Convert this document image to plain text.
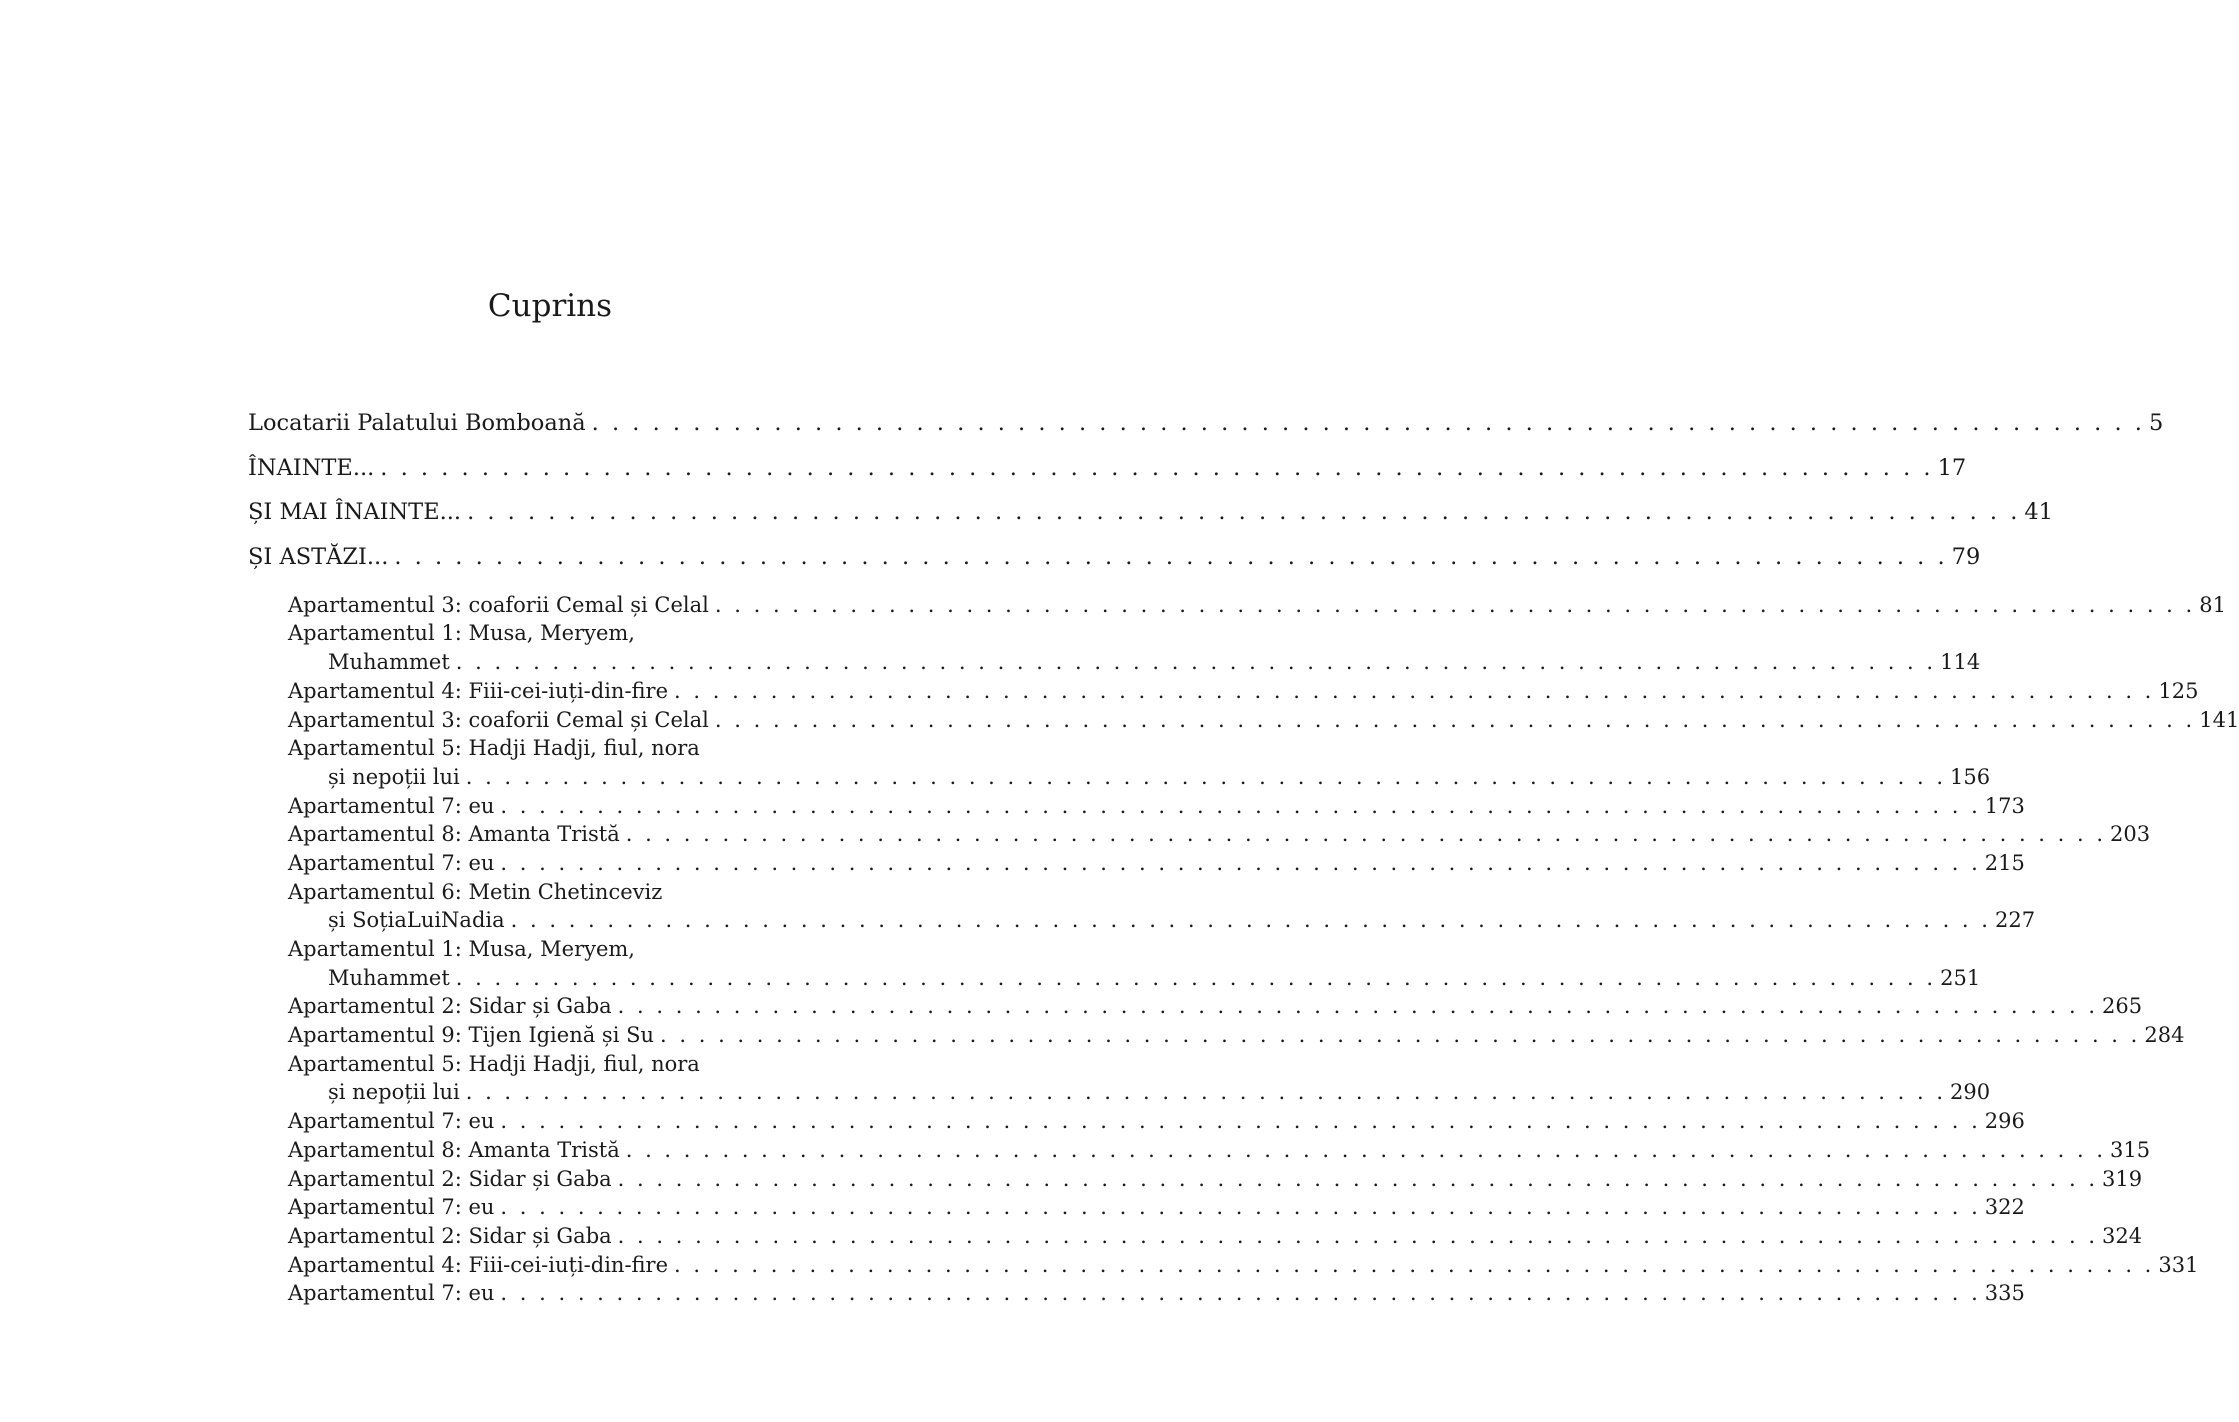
Cuprins
Locatarii Palatului Bomboană . . . . . . . . . . . . . . . . . . . . . . . . . . . . . . . . . . . . . . . . . . . . . . . . . . . . . . . . . . . . . . . . . . . . . . . . . . . . . 5
ÎNAINTE... . . . . . . . . . . . . . . . . . . . . . . . . . . . . . . . . . . . . . . . . . . . . . . . . . . . . . . . . . . . . . . . . . . . . . . . . . . . . . 17
ȘI MAI ÎNAINTE... . . . . . . . . . . . . . . . . . . . . . . . . . . . . . . . . . . . . . . . . . . . . . . . . . . . . . . . . . . . . . . . . . . . . . . . . . . . . . 41
ȘI ASTĂZI... . . . . . . . . . . . . . . . . . . . . . . . . . . . . . . . . . . . . . . . . . . . . . . . . . . . . . . . . . . . . . . . . . . . . . . . . . . . . . 79
Apartamentul 3: coaforii Cemal și Celal . . . . . . . . . . . . . . . . . . . . . . . . . . . . . . . . . . . . . . . . . . . . . . . . . . . . . . . . . . . . . . . . . . . . . . . . . . . . . 81
Apartamentul 1: Musa, Meryem,
Muhammet . . . . . . . . . . . . . . . . . . . . . . . . . . . . . . . . . . . . . . . . . . . . . . . . . . . . . . . . . . . . . . . . . . . . . . . . . . . . . 114
Apartamentul 4: Fiii-cei-iuți-din-fire . . . . . . . . . . . . . . . . . . . . . . . . . . . . . . . . . . . . . . . . . . . . . . . . . . . . . . . . . . . . . . . . . . . . . . . . . . . . . 125
Apartamentul 3: coaforii Cemal și Celal . . . . . . . . . . . . . . . . . . . . . . . . . . . . . . . . . . . . . . . . . . . . . . . . . . . . . . . . . . . . . . . . . . . . . . . . . . . . . 141
Apartamentul 5: Hadji Hadji, fiul, nora
și nepoții lui . . . . . . . . . . . . . . . . . . . . . . . . . . . . . . . . . . . . . . . . . . . . . . . . . . . . . . . . . . . . . . . . . . . . . . . . . . . . . 156
Apartamentul 7: eu . . . . . . . . . . . . . . . . . . . . . . . . . . . . . . . . . . . . . . . . . . . . . . . . . . . . . . . . . . . . . . . . . . . . . . . . . . . . . 173
Apartamentul 8: Amanta Tristă . . . . . . . . . . . . . . . . . . . . . . . . . . . . . . . . . . . . . . . . . . . . . . . . . . . . . . . . . . . . . . . . . . . . . . . . . . . . . 203
Apartamentul 7: eu . . . . . . . . . . . . . . . . . . . . . . . . . . . . . . . . . . . . . . . . . . . . . . . . . . . . . . . . . . . . . . . . . . . . . . . . . . . . . 215
Apartamentul 6: Metin Chetinceviz
și SoțiaLuiNadia . . . . . . . . . . . . . . . . . . . . . . . . . . . . . . . . . . . . . . . . . . . . . . . . . . . . . . . . . . . . . . . . . . . . . . . . . . . . . 227
Apartamentul 1: Musa, Meryem,
Muhammet . . . . . . . . . . . . . . . . . . . . . . . . . . . . . . . . . . . . . . . . . . . . . . . . . . . . . . . . . . . . . . . . . . . . . . . . . . . . . 251
Apartamentul 2: Sidar și Gaba . . . . . . . . . . . . . . . . . . . . . . . . . . . . . . . . . . . . . . . . . . . . . . . . . . . . . . . . . . . . . . . . . . . . . . . . . . . . . 265
Apartamentul 9: Tijen Igienă și Su . . . . . . . . . . . . . . . . . . . . . . . . . . . . . . . . . . . . . . . . . . . . . . . . . . . . . . . . . . . . . . . . . . . . . . . . . . . . . 284
Apartamentul 5: Hadji Hadji, fiul, nora
și nepoții lui . . . . . . . . . . . . . . . . . . . . . . . . . . . . . . . . . . . . . . . . . . . . . . . . . . . . . . . . . . . . . . . . . . . . . . . . . . . . . 290
Apartamentul 7: eu . . . . . . . . . . . . . . . . . . . . . . . . . . . . . . . . . . . . . . . . . . . . . . . . . . . . . . . . . . . . . . . . . . . . . . . . . . . . . 296
Apartamentul 8: Amanta Tristă . . . . . . . . . . . . . . . . . . . . . . . . . . . . . . . . . . . . . . . . . . . . . . . . . . . . . . . . . . . . . . . . . . . . . . . . . . . . . 315
Apartamentul 2: Sidar și Gaba . . . . . . . . . . . . . . . . . . . . . . . . . . . . . . . . . . . . . . . . . . . . . . . . . . . . . . . . . . . . . . . . . . . . . . . . . . . . . 319
Apartamentul 7: eu . . . . . . . . . . . . . . . . . . . . . . . . . . . . . . . . . . . . . . . . . . . . . . . . . . . . . . . . . . . . . . . . . . . . . . . . . . . . . 322
Apartamentul 2: Sidar și Gaba . . . . . . . . . . . . . . . . . . . . . . . . . . . . . . . . . . . . . . . . . . . . . . . . . . . . . . . . . . . . . . . . . . . . . . . . . . . . . 324
Apartamentul 4: Fiii-cei-iuți-din-fire . . . . . . . . . . . . . . . . . . . . . . . . . . . . . . . . . . . . . . . . . . . . . . . . . . . . . . . . . . . . . . . . . . . . . . . . . . . . . 331
Apartamentul 7: eu . . . . . . . . . . . . . . . . . . . . . . . . . . . . . . . . . . . . . . . . . . . . . . . . . . . . . . . . . . . . . . . . . . . . . . . . . . . . . 335
